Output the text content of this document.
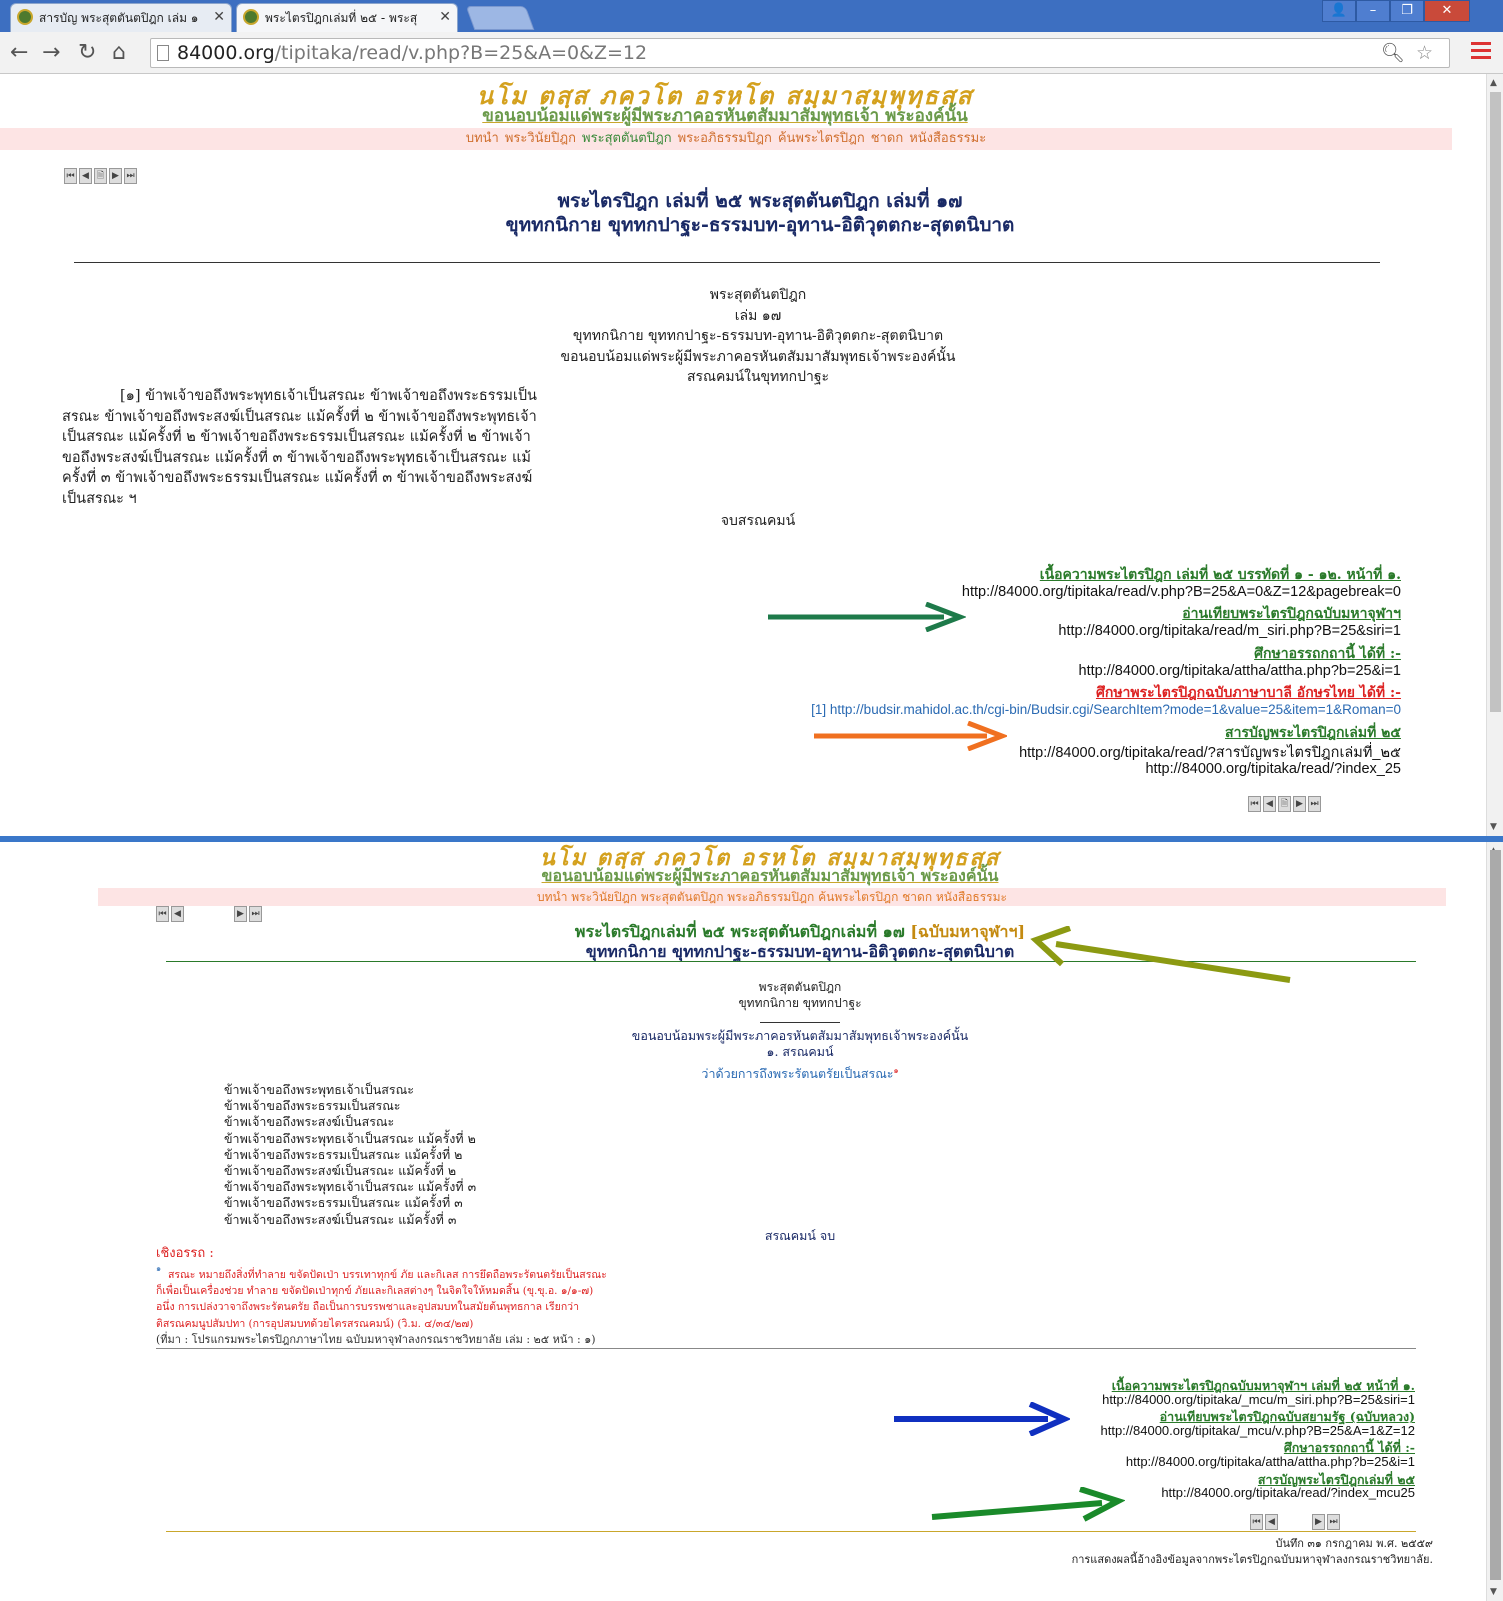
สารบัญ พระสุตตันตปิฎก เล่ม ๑ ✕	พระไตรปิฎกเล่มที่ ๒๕ - พระสุ ✕	👤	–	❐	✕
← → ↻ ⌂	84000.org/tipitaka/read/v.php?B=25&A=0&Z=12	🔍︎ ☆
นโม ตสฺส ภควโต อรหโต สมฺมาสมฺพุทฺธสฺส
ขอนอบน้อมแด่พระผู้มีพระภาคอรหันตสัมมาสัมพุทธเจ้า พระองค์นั้น
บทนำ พระวินัยปิฎก พระสุตตันตปิฎก พระอภิธรรมปิฎก ค้นพระไตรปิฎก ชาดก หนังสือธรรมะ
⏮ ◀ 🗎 ▶ ⏭
พระไตรปิฎก เล่มที่ ๒๕ พระสุตตันตปิฎก เล่มที่ ๑๗
ขุททกนิกาย ขุททกปาฐะ-ธรรมบท-อุทาน-อิติวุตตกะ-สุตตนิบาต
พระสุตตันตปิฎก
เล่ม ๑๗
ขุททกนิกาย ขุททกปาฐะ-ธรรมบท-อุทาน-อิติวุตตกะ-สุตตนิบาต
ขอนอบน้อมแด่พระผู้มีพระภาคอรหันตสัมมาสัมพุทธเจ้าพระองค์นั้น
สรณคมน์ในขุททกปาฐะ
[๑] ข้าพเจ้าขอถึงพระพุทธเจ้าเป็นสรณะ ข้าพเจ้าขอถึงพระธรรมเป็น
สรณะ ข้าพเจ้าขอถึงพระสงฆ์เป็นสรณะ แม้ครั้งที่ ๒ ข้าพเจ้าขอถึงพระพุทธเจ้า
เป็นสรณะ แม้ครั้งที่ ๒ ข้าพเจ้าขอถึงพระธรรมเป็นสรณะ แม้ครั้งที่ ๒ ข้าพเจ้า
ขอถึงพระสงฆ์เป็นสรณะ แม้ครั้งที่ ๓ ข้าพเจ้าขอถึงพระพุทธเจ้าเป็นสรณะ แม้
ครั้งที่ ๓ ข้าพเจ้าขอถึงพระธรรมเป็นสรณะ แม้ครั้งที่ ๓ ข้าพเจ้าขอถึงพระสงฆ์
เป็นสรณะ ฯ
จบสรณคมน์
เนื้อความพระไตรปิฎก เล่มที่ ๒๕ บรรทัดที่ ๑ - ๑๒. หน้าที่ ๑.
http://84000.org/tipitaka/read/v.php?B=25&A=0&Z=12&pagebreak=0
อ่านเทียบพระไตรปิฎกฉบับมหาจุฬาฯ
http://84000.org/tipitaka/read/m_siri.php?B=25&siri=1
ศึกษาอรรถกถานี้ ได้ที่ :-
http://84000.org/tipitaka/attha/attha.php?b=25&i=1
ศึกษาพระไตรปิฎกฉบับภาษาบาลี อักษรไทย ได้ที่ :-
[1] http://budsir.mahidol.ac.th/cgi-bin/Budsir.cgi/SearchItem?mode=1&value=25&item=1&Roman=0
สารบัญพระไตรปิฎกเล่มที่ ๒๕
http://84000.org/tipitaka/read/?สารบัญพระไตรปิฎกเล่มที่_๒๕
http://84000.org/tipitaka/read/?index_25
⏮ ◀ 🗎 ▶ ⏭
▲
▼
นโม ตสฺส ภควโต อรหโต สมฺมาสมฺพุทฺธสฺส
ขอนอบน้อมแด่พระผู้มีพระภาคอรหันตสัมมาสัมพุทธเจ้า พระองค์นั้น
บทนำ พระวินัยปิฎก พระสุตตันตปิฎก พระอภิธรรมปิฎก ค้นพระไตรปิฎก ชาดก หนังสือธรรมะ
⏮ ◀	▶ ⏭
พระไตรปิฎกเล่มที่ ๒๕ พระสุตตันตปิฎกเล่มที่ ๑๗ [ฉบับมหาจุฬาฯ]
ขุททกนิกาย ขุททกปาฐะ-ธรรมบท-อุทาน-อิติวุตตกะ-สุตตนิบาต
พระสุตตันตปิฎก
ขุททกนิกาย ขุททกปาฐะ
ขอนอบน้อมพระผู้มีพระภาคอรหันตสัมมาสัมพุทธเจ้าพระองค์นั้น
๑. สรณคมน์
ว่าด้วยการถึงพระรัตนตรัยเป็นสรณะ$^๑$
ข้าพเจ้าขอถึงพระพุทธเจ้าเป็นสรณะ
ข้าพเจ้าขอถึงพระธรรมเป็นสรณะ
ข้าพเจ้าขอถึงพระสงฆ์เป็นสรณะ
ข้าพเจ้าขอถึงพระพุทธเจ้าเป็นสรณะ แม้ครั้งที่ ๒
ข้าพเจ้าขอถึงพระธรรมเป็นสรณะ แม้ครั้งที่ ๒
ข้าพเจ้าขอถึงพระสงฆ์เป็นสรณะ แม้ครั้งที่ ๒
ข้าพเจ้าขอถึงพระพุทธเจ้าเป็นสรณะ แม้ครั้งที่ ๓
ข้าพเจ้าขอถึงพระธรรมเป็นสรณะ แม้ครั้งที่ ๓
ข้าพเจ้าขอถึงพระสงฆ์เป็นสรณะ แม้ครั้งที่ ๓
สรณคมน์ จบ
เชิงอรรถ :
๑
สรณะ หมายถึงสิ่งที่ทำลาย ขจัดปัดเป่า บรรเทาทุกข์ ภัย และกิเลส การยึดถือพระรัตนตรัยเป็นสรณะ
ก็เพื่อเป็นเครื่องช่วย ทำลาย ขจัดปัดเป่าทุกข์ ภัยและกิเลสต่างๆ ในจิตใจให้หมดสิ้น (ขุ.ขุ.อ. ๑/๑-๗)
อนึ่ง การเปล่งวาจาถึงพระรัตนตรัย ถือเป็นการบรรพชาและอุปสมบทในสมัยต้นพุทธกาล เรียกว่า
ติสรณคมนูปสัมปทา (การอุปสมบทด้วยไตรสรณคมน์) (วิ.ม. ๔/๓๔/๒๗)
(ที่มา : โปรแกรมพระไตรปิฎกภาษาไทย ฉบับมหาจุฬาลงกรณราชวิทยาลัย เล่ม : ๒๕ หน้า : ๑)
เนื้อความพระไตรปิฎกฉบับมหาจุฬาฯ เล่มที่ ๒๕ หน้าที่ ๑.
http://84000.org/tipitaka/_mcu/m_siri.php?B=25&siri=1
อ่านเทียบพระไตรปิฎกฉบับสยามรัฐ (ฉบับหลวง)
http://84000.org/tipitaka/_mcu/v.php?B=25&A=1&Z=12
ศึกษาอรรถกถานี้ ได้ที่ :-
http://84000.org/tipitaka/attha/attha.php?b=25&i=1
สารบัญพระไตรปิฎกเล่มที่ ๒๕
http://84000.org/tipitaka/read/?index_mcu25
⏮ ◀	▶ ⏭
บันทึก ๓๑ กรกฎาคม พ.ศ. ๒๕๕๙
การแสดงผลนี้อ้างอิงข้อมูลจากพระไตรปิฎกฉบับมหาจุฬาลงกรณราชวิทยาลัย.
▼
